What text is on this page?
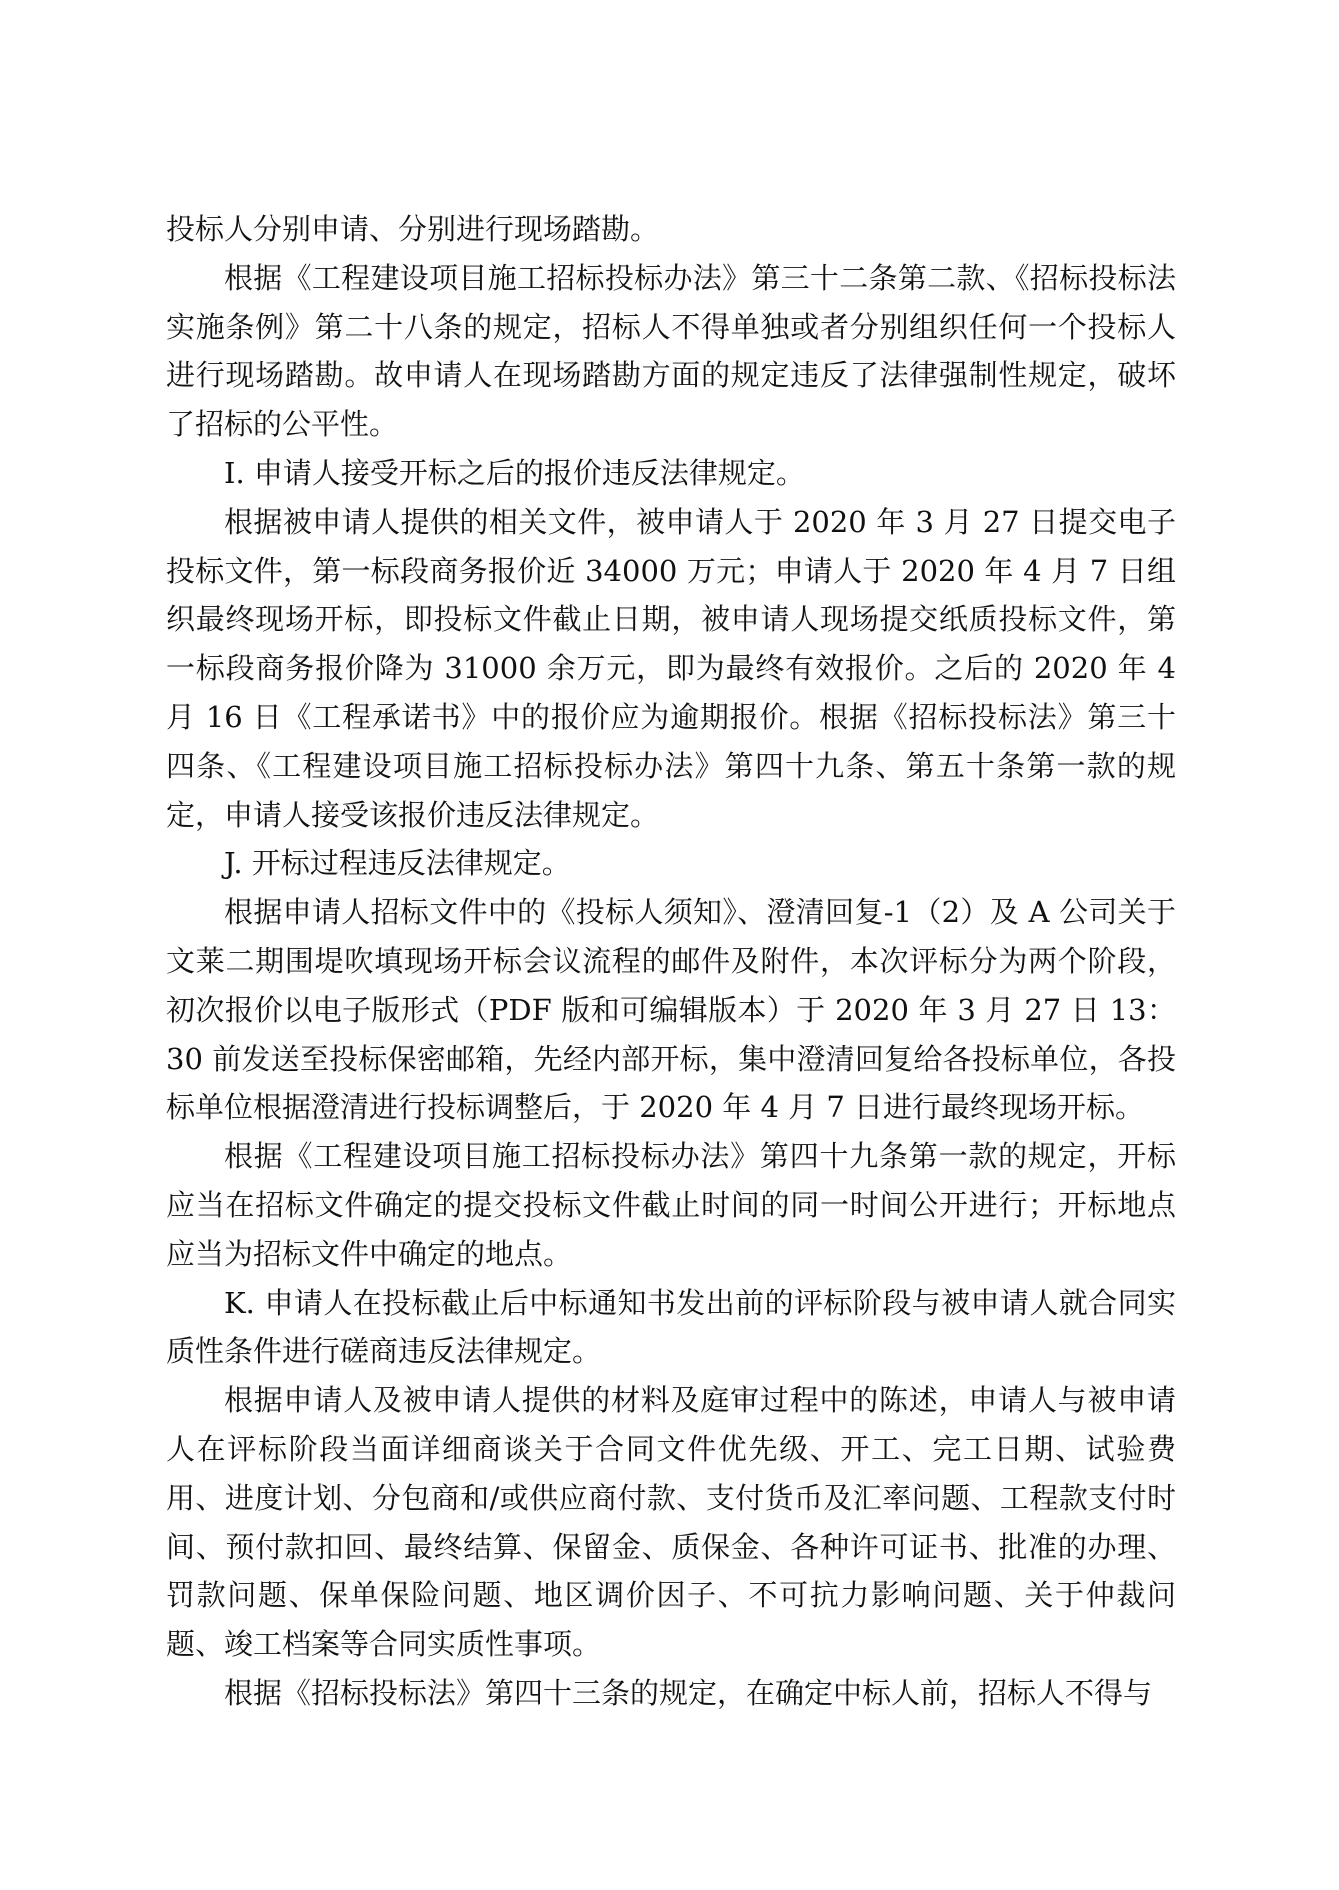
投标人分别申请、分别进行现场踏勘。

根据《工程建设项目施工招标投标办法》第三十二条第二款、《招标投标法实施条例》第二十八条的规定，招标人不得单独或者分别组织任何一个投标人进行现场踏勘。故申请人在现场踏勘方面的规定违反了法律强制性规定，破坏了招标的公平性。

I. 申请人接受开标之后的报价违反法律规定。

根据被申请人提供的相关文件，被申请人于 2020 年 3 月 27 日提交电子投标文件，第一标段商务报价近 34000 万元；申请人于 2020 年 4 月 7 日组织最终现场开标，即投标文件截止日期，被申请人现场提交纸质投标文件，第一标段商务报价降为 31000 余万元，即为最终有效报价。之后的 2020 年 4 月 16 日《工程承诺书》中的报价应为逾期报价。根据《招标投标法》第三十四条、《工程建设项目施工招标投标办法》第四十九条、第五十条第一款的规定，申请人接受该报价违反法律规定。

J. 开标过程违反法律规定。

根据申请人招标文件中的《投标人须知》、澄清回复-1（2）及 A 公司关于文莱二期围堤吹填现场开标会议流程的邮件及附件，本次评标分为两个阶段，初次报价以电子版形式（PDF 版和可编辑版本）于 2020 年 3 月 27 日 13：30 前发送至投标保密邮箱，先经内部开标，集中澄清回复给各投标单位，各投标单位根据澄清进行投标调整后，于 2020 年 4 月 7 日进行最终现场开标。

根据《工程建设项目施工招标投标办法》第四十九条第一款的规定，开标应当在招标文件确定的提交投标文件截止时间的同一时间公开进行；开标地点应当为招标文件中确定的地点。

K. 申请人在投标截止后中标通知书发出前的评标阶段与被申请人就合同实质性条件进行磋商违反法律规定。

根据申请人及被申请人提供的材料及庭审过程中的陈述，申请人与被申请人在评标阶段当面详细商谈关于合同文件优先级、开工、完工日期、试验费用、进度计划、分包商和/或供应商付款、支付货币及汇率问题、工程款支付时间、预付款扣回、最终结算、保留金、质保金、各种许可证书、批准的办理、罚款问题、保单保险问题、地区调价因子、不可抗力影响问题、关于仲裁问题、竣工档案等合同实质性事项。

根据《招标投标法》第四十三条的规定，在确定中标人前，招标人不得与
